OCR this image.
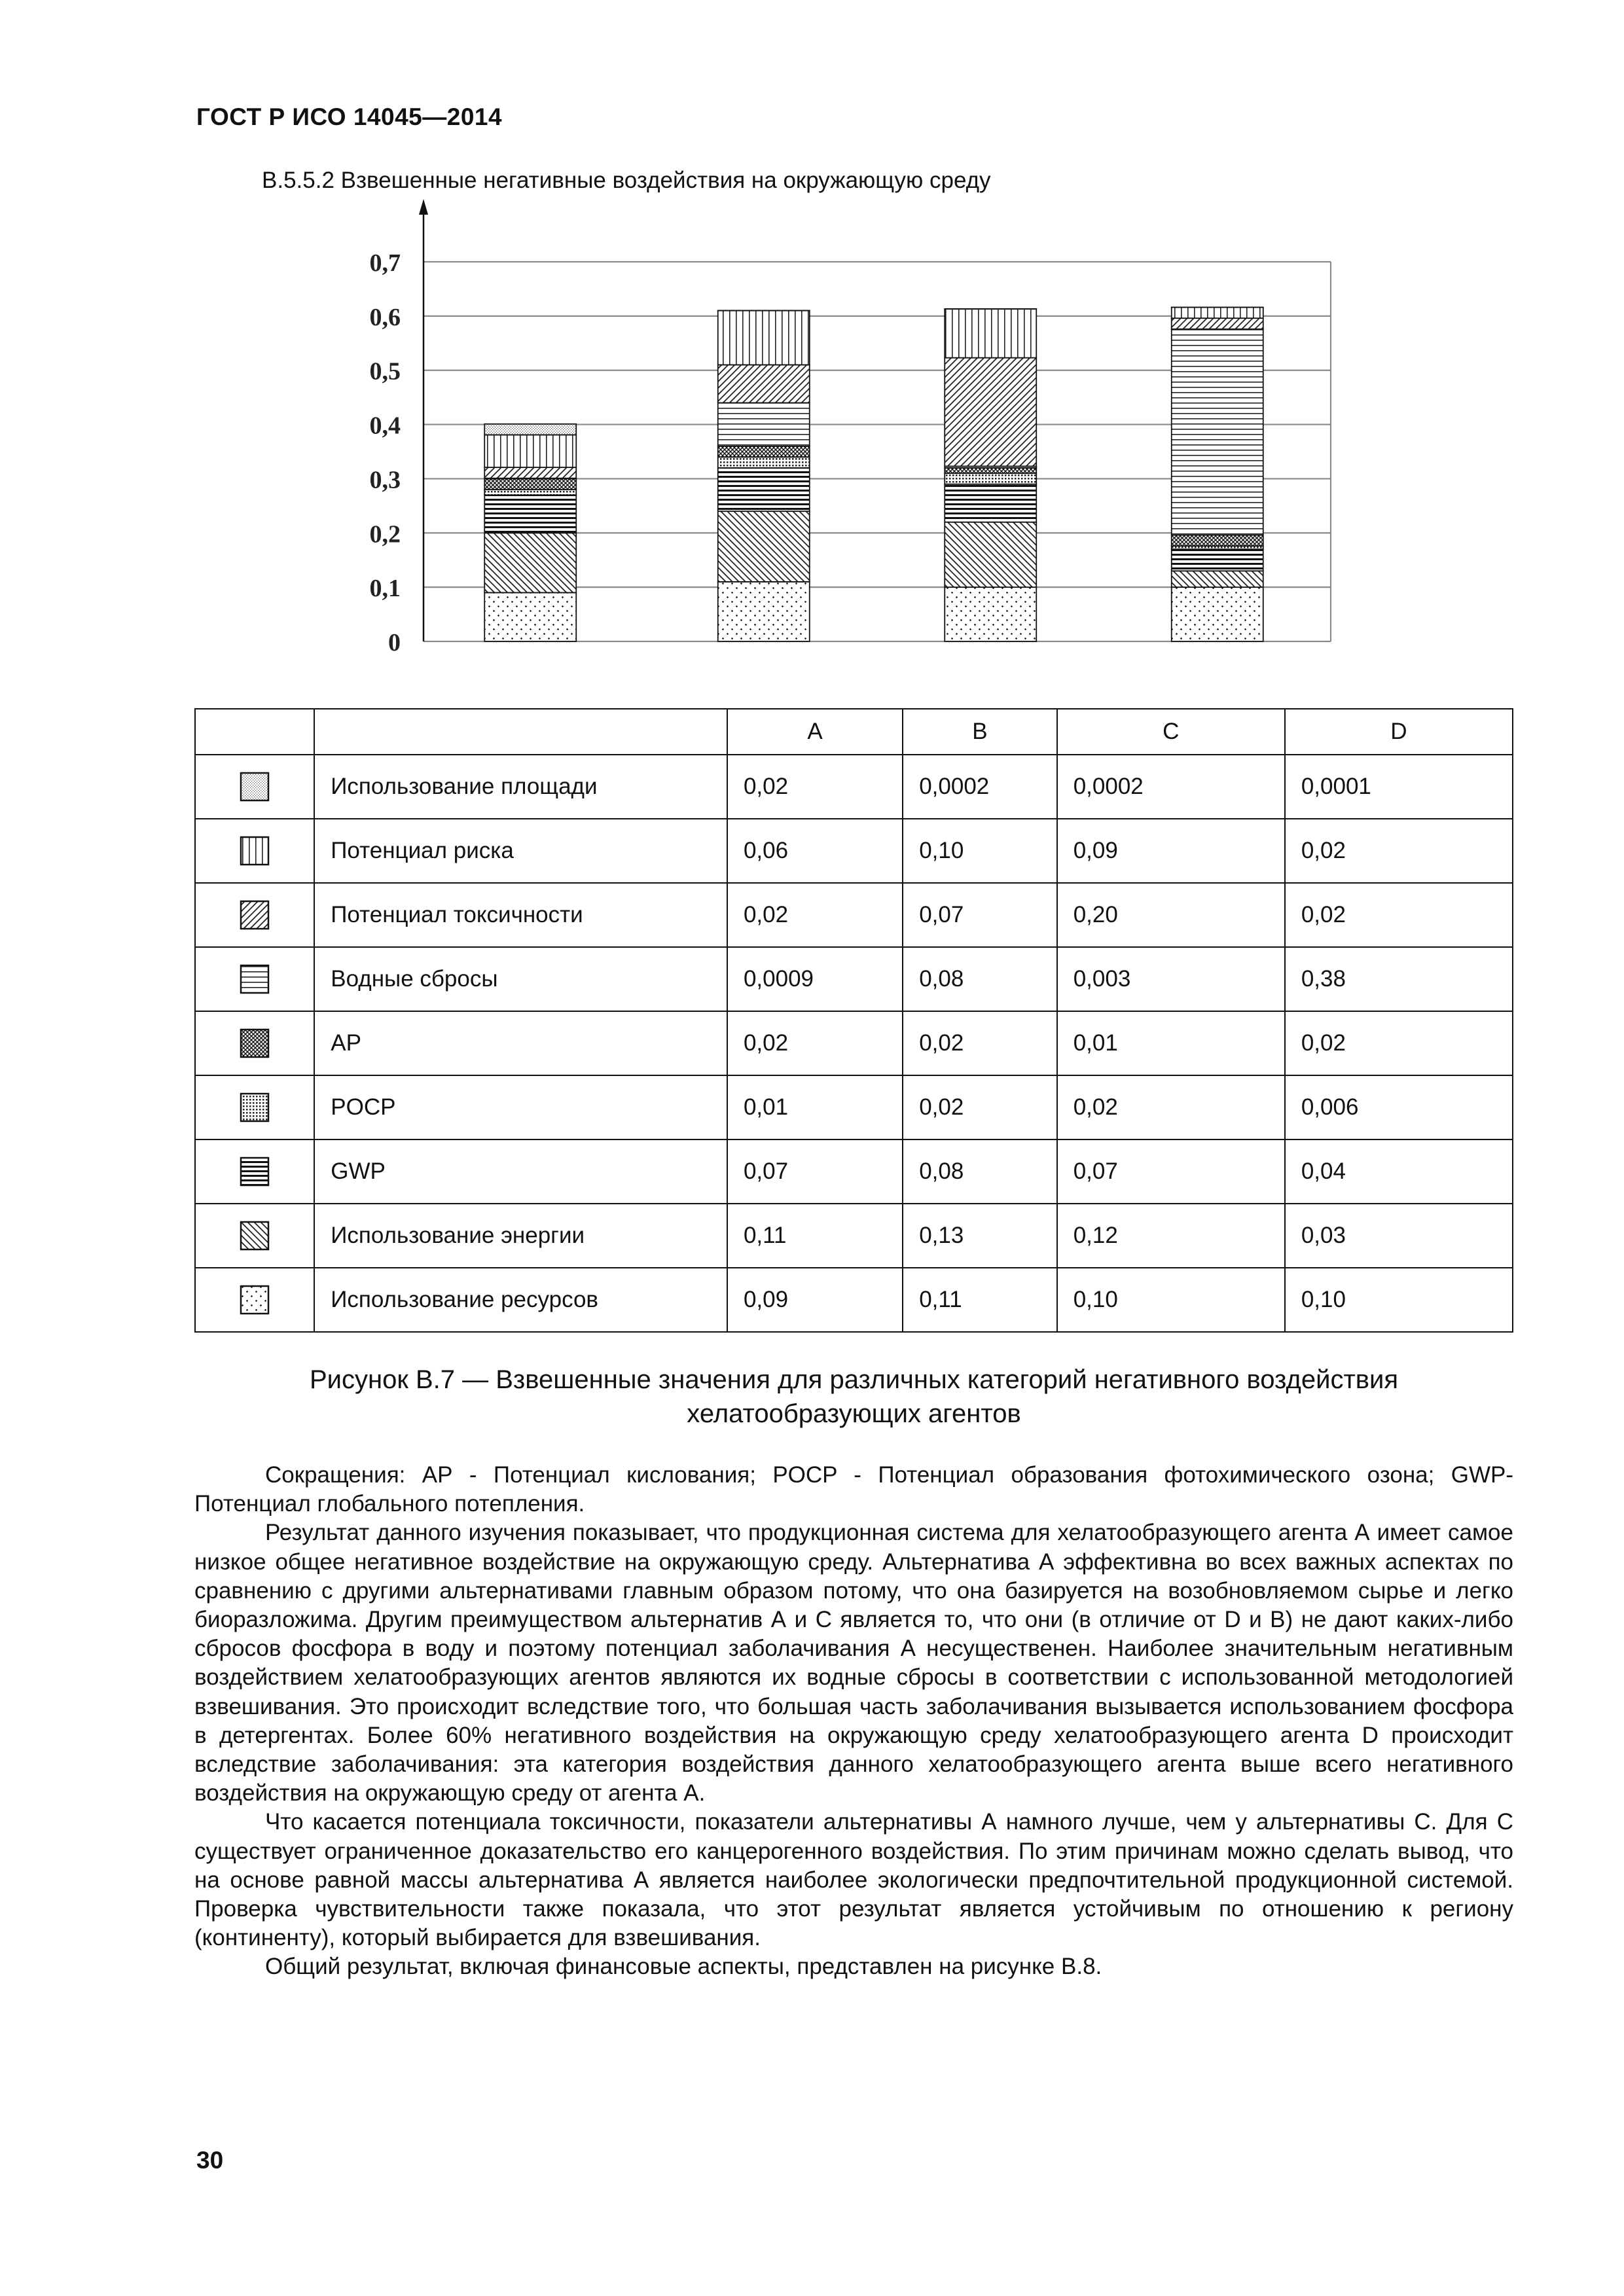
ГОСТ Р ИСО 14045—2014
В.5.5.2 Взвешенные негативные воздействия на окружающую среду
0
0,1
0,2
0,3
0,4
0,5
0,6
0,7
		A	B	C	D

	Использование площади	0,02	0,0002	0,0002	0,0001

	Потенциал риска	0,06	0,10	0,09	0,02

	Потенциал токсичности	0,02	0,07	0,20	0,02

	Водные сбросы	0,0009	0,08	0,003	0,38

	AP	0,02	0,02	0,01	0,02

	POCP	0,01	0,02	0,02	0,006

	GWP	0,07	0,08	0,07	0,04

	Использование энергии	0,11	0,13	0,12	0,03

	Использование ресурсов	0,09	0,11	0,10	0,10
Рисунок В.7 — Взвешенные значения для различных категорий негативного воздействия
хелатообразующих агентов

Сокращения: АР - Потенциал кислования; POCP - Потенциал образования фотохимического озона; GWP- Потенциал глобального потепления.

Результат данного изучения показывает, что продукционная система для хелатообразующего агента А имеет самое низкое общее негативное воздействие на окружающую среду. Альтернатива А эффективна во всех важных аспектах по сравнению с другими альтернативами главным образом потому, что она базируется на возобновляемом сырье и легко биоразложима. Другим преимуществом альтернатив А и С является то, что они (в отличие от D и В) не дают каких-либо сбросов фосфора в воду и поэтому потенциал заболачивания А несущественен. Наиболее значительным негативным воздействием хелатообразующих агентов являются их водные сбросы в соответствии с использованной методологией взвешивания. Это происходит вследствие того, что большая часть заболачивания вызывается использованием фосфора в детергентах. Более 60% негативного воздействия на окружающую среду хелатообразующего агента D происходит вследствие заболачивания: эта категория воздействия данного хелатообразующего агента выше всего негативного воздействия на окружающую среду от агента А.

Что касается потенциала токсичности, показатели альтернативы А намного лучше, чем у альтернативы С. Для С существует ограниченное доказательство его канцерогенного воздействия. По этим причинам можно сделать вывод, что на основе равной массы альтернатива А является наиболее экологически предпочтительной продукционной системой. Проверка чувствительности также показала, что этот результат является устойчивым по отношению к региону (континенту), который выбирается для взвешивания.

Общий результат, включая финансовые аспекты, представлен на рисунке В.8.

30
